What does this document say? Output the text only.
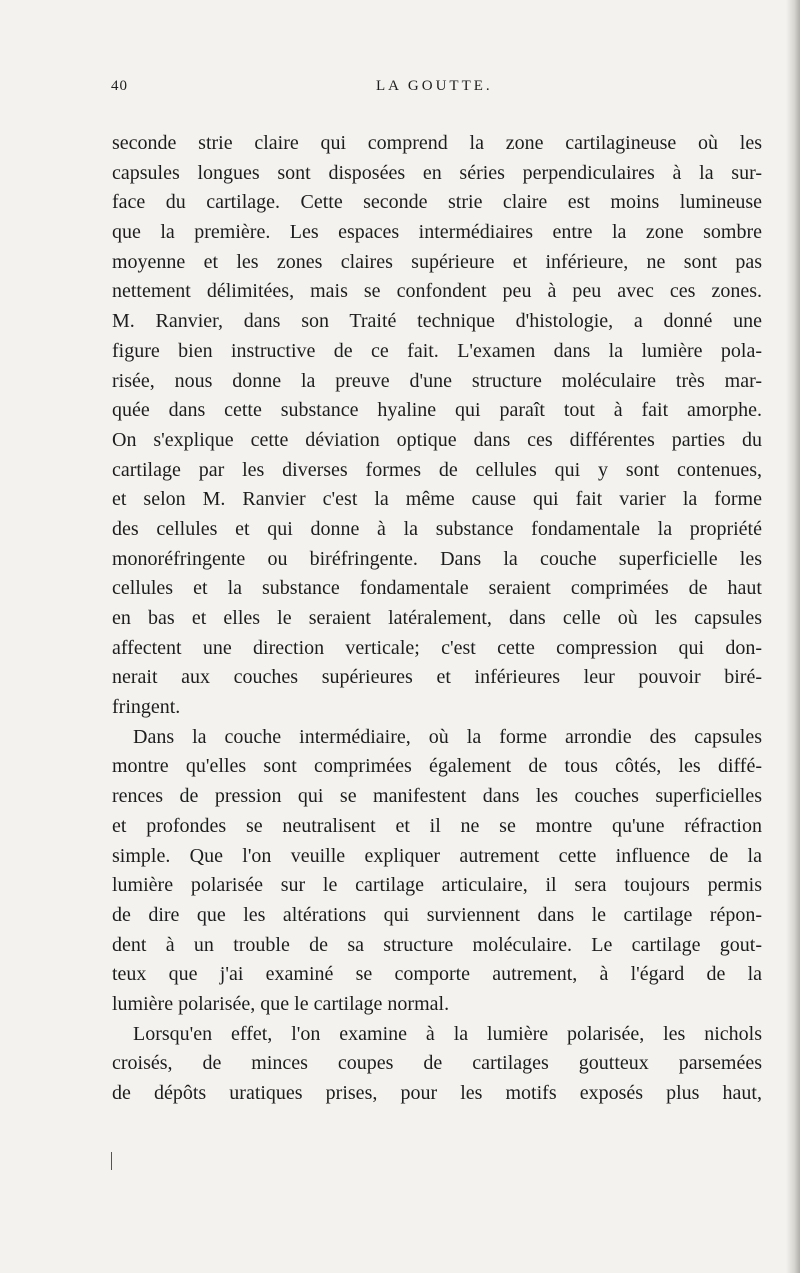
40	LA GOUTTE.
seconde strie claire qui comprend la zone cartilagineuse où les
capsules longues sont disposées en séries perpendiculaires à la sur-
face du cartilage. Cette seconde strie claire est moins lumineuse
que la première. Les espaces intermédiaires entre la zone sombre
moyenne et les zones claires supérieure et inférieure, ne sont pas
nettement délimitées, mais se confondent peu à peu avec ces zones.
M. Ranvier, dans son Traité technique d'histologie, a donné une
figure bien instructive de ce fait. L'examen dans la lumière pola-
risée, nous donne la preuve d'une structure moléculaire très mar-
quée dans cette substance hyaline qui paraît tout à fait amorphe.
On s'explique cette déviation optique dans ces différentes parties du
cartilage par les diverses formes de cellules qui y sont contenues,
et selon M. Ranvier c'est la même cause qui fait varier la forme
des cellules et qui donne à la substance fondamentale la propriété
monoréfringente ou biréfringente. Dans la couche superficielle les
cellules et la substance fondamentale seraient comprimées de haut
en bas et elles le seraient latéralement, dans celle où les capsules
affectent une direction verticale; c'est cette compression qui don-
nerait aux couches supérieures et inférieures leur pouvoir biré-
fringent.
Dans la couche intermédiaire, où la forme arrondie des capsules
montre qu'elles sont comprimées également de tous côtés, les diffé-
rences de pression qui se manifestent dans les couches superficielles
et profondes se neutralisent et il ne se montre qu'une réfraction
simple. Que l'on veuille expliquer autrement cette influence de la
lumière polarisée sur le cartilage articulaire, il sera toujours permis
de dire que les altérations qui surviennent dans le cartilage répon-
dent à un trouble de sa structure moléculaire. Le cartilage gout-
teux que j'ai examiné se comporte autrement, à l'égard de la
lumière polarisée, que le cartilage normal.
Lorsqu'en effet, l'on examine à la lumière polarisée, les nichols
croisés, de minces coupes de cartilages goutteux parsemées
de dépôts uratiques prises, pour les motifs exposés plus haut,
